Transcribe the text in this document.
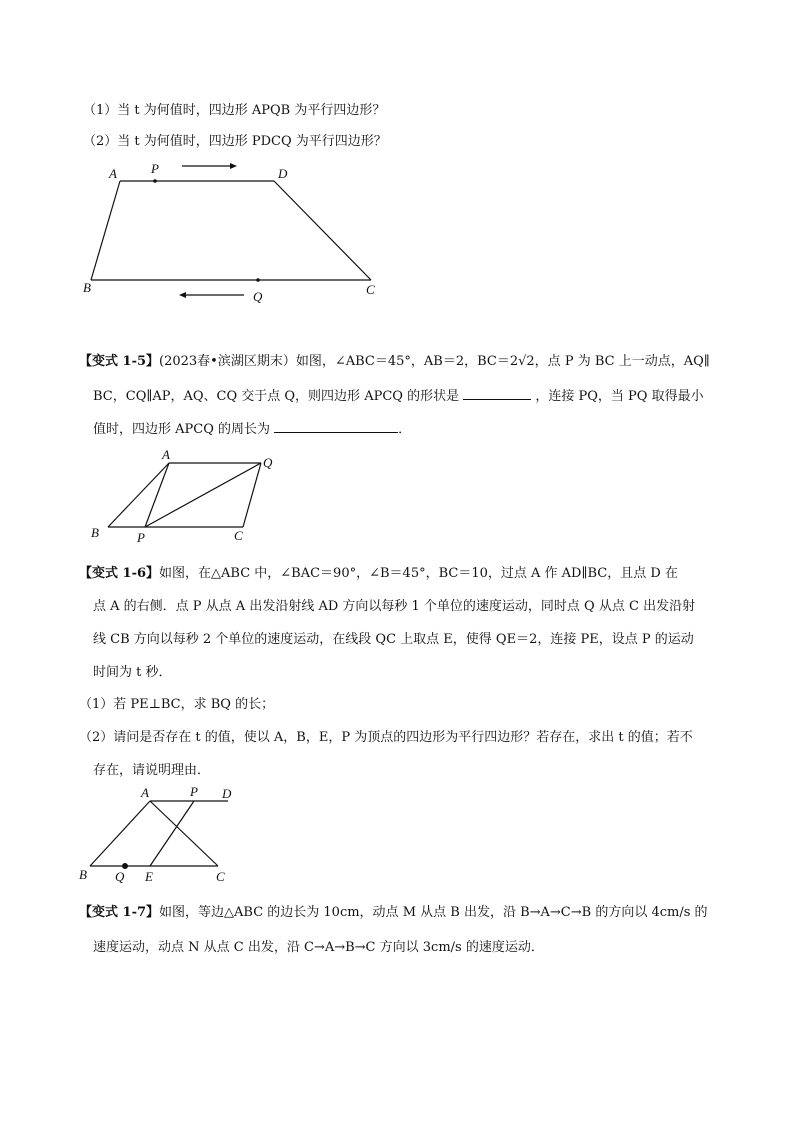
（1）当 t 为何值时，四边形 APQB 为平行四边形？
（2）当 t 为何值时，四边形 PDCQ 为平行四边形？
A	P	D
B
Q	C
【变式 1-5】(2023春•滨湖区期末）如图，∠ABC＝45°，AB＝2，BC＝2√2，点 P 为 BC 上一动点，AQ∥
BC，CQ∥AP，AQ、CQ 交于点 Q，则四边形 APCQ 的形状是	，连接 PQ，当 PQ 取得最小
值时，四边形 APCQ 的周长为	．
A
Q
B	P	C
【变式 1-6】如图，在△ABC 中，∠BAC＝90°，∠B＝45°，BC＝10，过点 A 作 AD∥BC，且点 D 在
点 A 的右侧．点 P 从点 A 出发沿射线 AD 方向以每秒 1 个单位的速度运动，同时点 Q 从点 C 出发沿射
线 CB 方向以每秒 2 个单位的速度运动，在线段 QC 上取点 E，使得 QE＝2，连接 PE，设点 P 的运动
时间为 t 秒．
（1）若 PE⊥BC，求 BQ 的长；
（2）请问是否存在 t 的值，使以 A，B，E，P 为顶点的四边形为平行四边形？若存在，求出 t 的值；若不
存在，请说明理由．
A	P D
B Q E	C
【变式 1-7】如图，等边△ABC 的边长为 10cm，动点 M 从点 B 出发，沿 B→A→C→B 的方向以 4cm/s 的
速度运动，动点 N 从点 C 出发，沿 C→A→B→C 方向以 3cm/s 的速度运动．
